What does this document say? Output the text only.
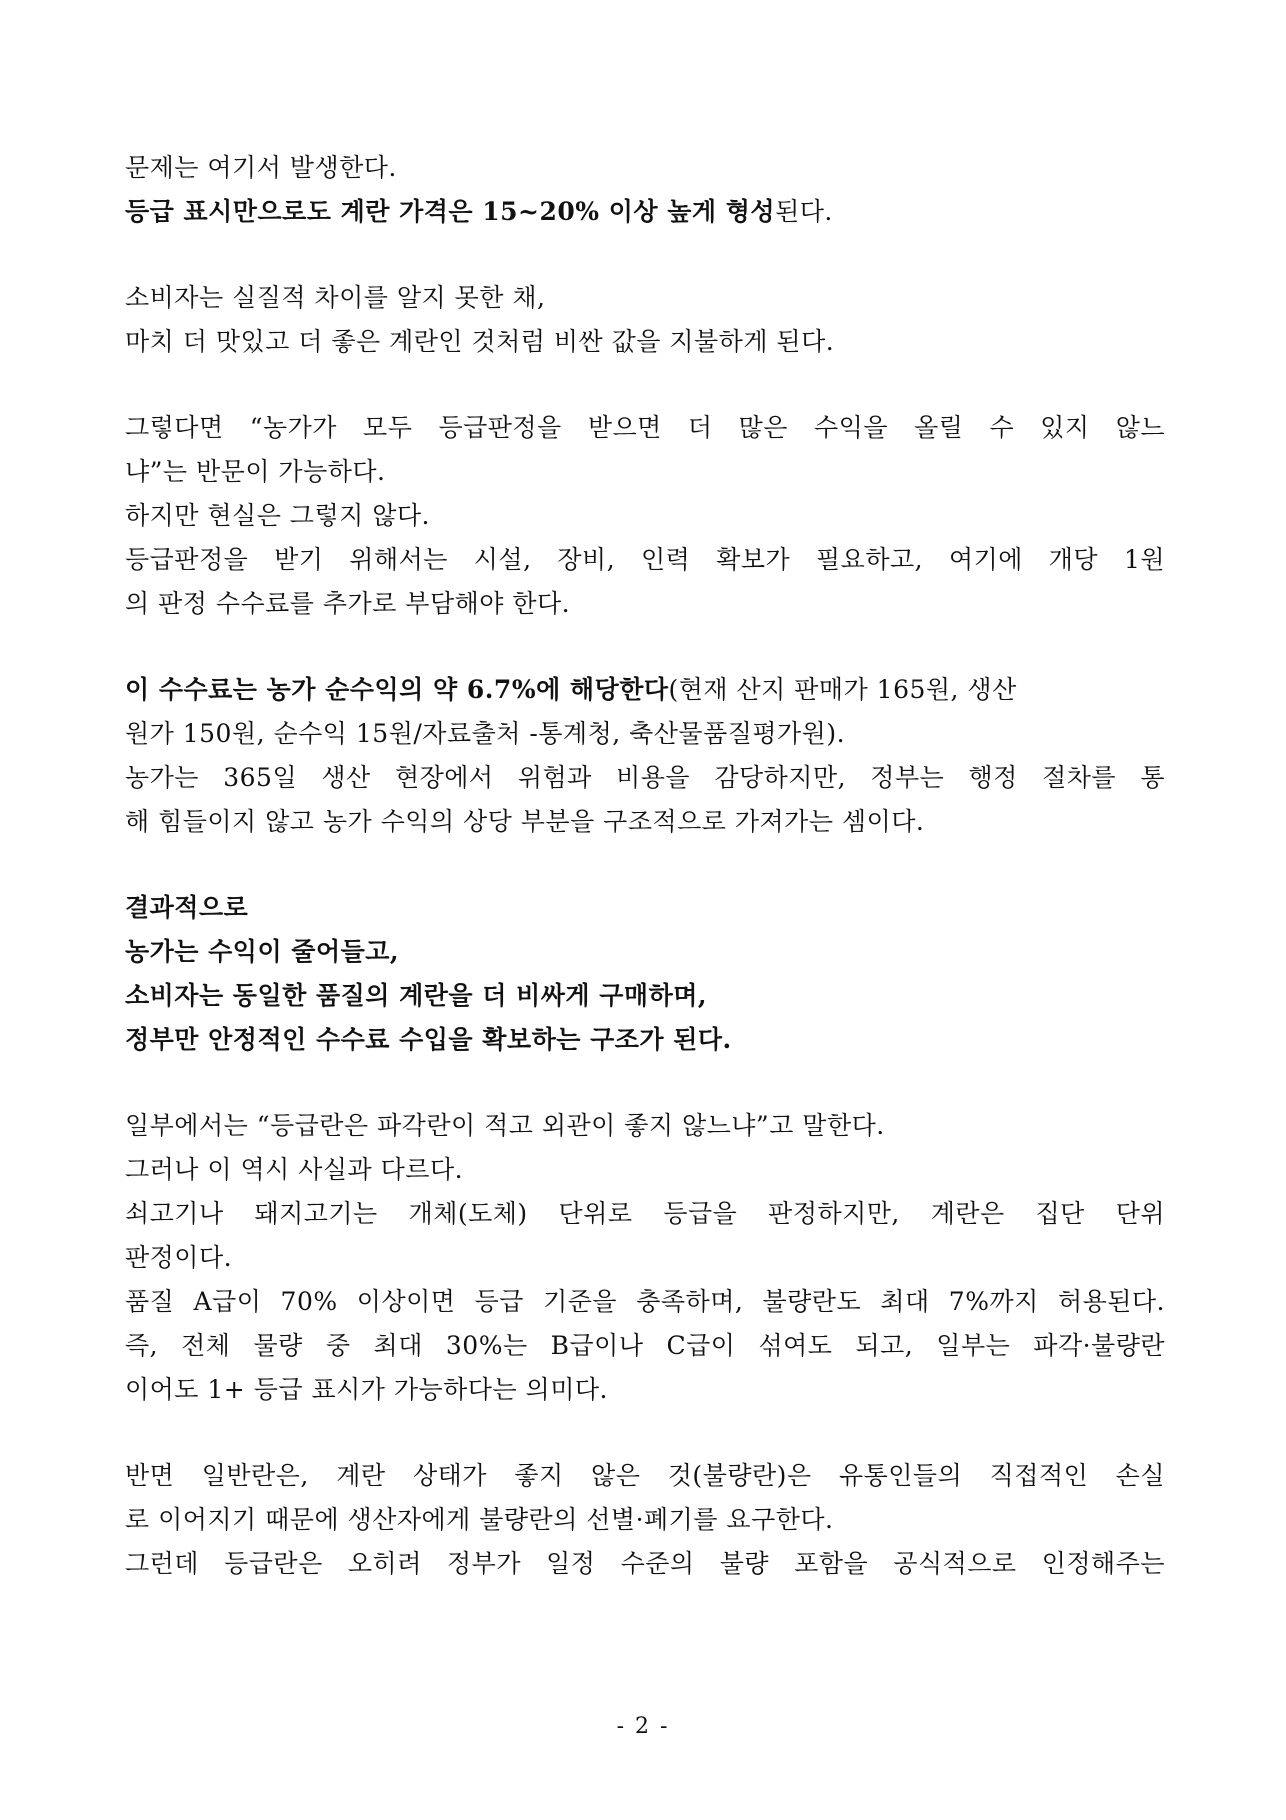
문제는 여기서 발생한다.
등급 표시만으로도 계란 가격은 15~20% 이상 높게 형성된다.
소비자는 실질적 차이를 알지 못한 채,
마치 더 맛있고 더 좋은 계란인 것처럼 비싼 값을 지불하게 된다.
그렇다면 “농가가 모두 등급판정을 받으면 더 많은 수익을 올릴 수 있지 않느
냐”는 반문이 가능하다.
하지만 현실은 그렇지 않다.
등급판정을 받기 위해서는 시설, 장비, 인력 확보가 필요하고, 여기에 개당 1원
의 판정 수수료를 추가로 부담해야 한다.
이 수수료는 농가 순수익의 약 6.7%에 해당한다(현재 산지 판매가 165원, 생산
원가 150원, 순수익 15원/자료출처 -통계청, 축산물품질평가원).
농가는 365일 생산 현장에서 위험과 비용을 감당하지만, 정부는 행정 절차를 통
해 힘들이지 않고 농가 수익의 상당 부분을 구조적으로 가져가는 셈이다.
결과적으로
농가는 수익이 줄어들고,
소비자는 동일한 품질의 계란을 더 비싸게 구매하며,
정부만 안정적인 수수료 수입을 확보하는 구조가 된다.
일부에서는 “등급란은 파각란이 적고 외관이 좋지 않느냐”고 말한다.
그러나 이 역시 사실과 다르다.
쇠고기나 돼지고기는 개체(도체) 단위로 등급을 판정하지만, 계란은 집단 단위
판정이다.
품질 A급이 70% 이상이면 등급 기준을 충족하며, 불량란도 최대 7%까지 허용된다.
즉, 전체 물량 중 최대 30%는 B급이나 C급이 섞여도 되고, 일부는 파각·불량란
이어도 1+ 등급 표시가 가능하다는 의미다.
반면 일반란은, 계란 상태가 좋지 않은 것(불량란)은 유통인들의 직접적인 손실
로 이어지기 때문에 생산자에게 불량란의 선별·폐기를 요구한다.
그런데 등급란은 오히려 정부가 일정 수준의 불량 포함을 공식적으로 인정해주는
- 2 -
